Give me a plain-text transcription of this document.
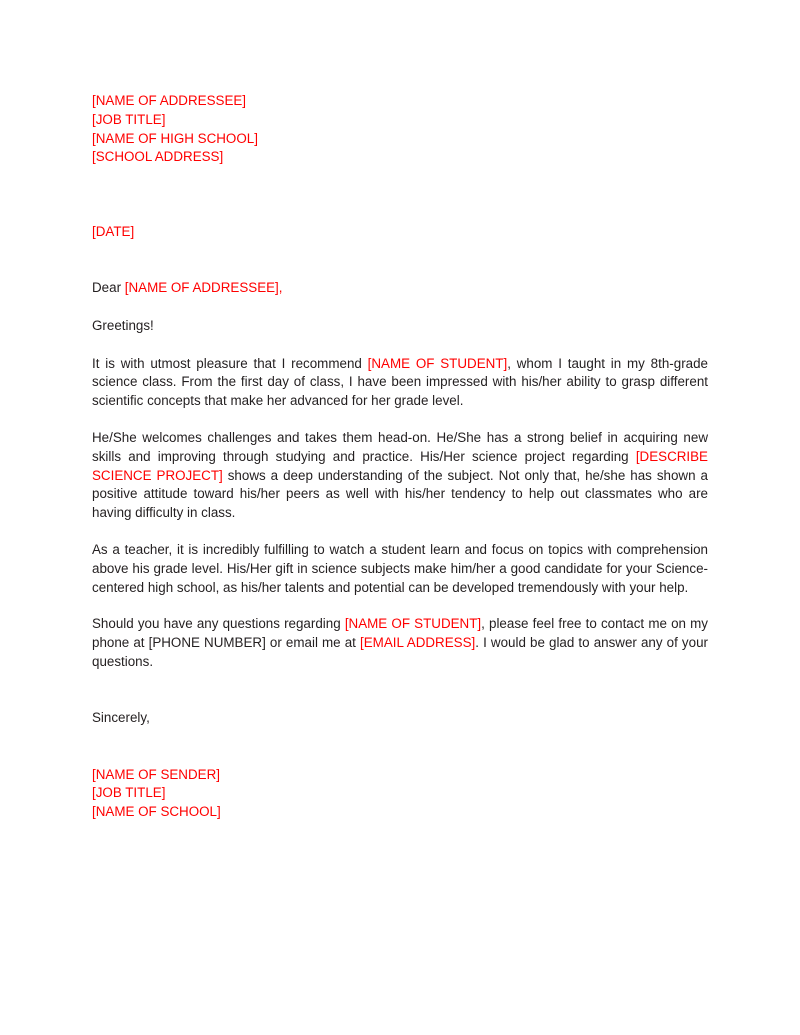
[NAME OF ADDRESSEE]
[JOB TITLE]
[NAME OF HIGH SCHOOL]
[SCHOOL ADDRESS]
[DATE]
Dear [NAME OF ADDRESSEE],
Greetings!

It is with utmost pleasure that I recommend [NAME OF STUDENT], whom I taught in my 8th-grade science class. From the first day of class, I have been impressed with his/her ability to grasp different scientific concepts that make her advanced for her grade level.

He/She welcomes challenges and takes them head-on. He/She has a strong belief in acquiring new skills and improving through studying and practice. His/Her science project regarding [DESCRIBE SCIENCE PROJECT] shows a deep understanding of the subject. Not only that, he/she has shown a positive attitude toward his/her peers as well with his/her tendency to help out classmates who are having difficulty in class.

As a teacher, it is incredibly fulfilling to watch a student learn and focus on topics with comprehension above his grade level. His/Her gift in science subjects make him/her a good candidate for your Science-centered high school, as his/her talents and potential can be developed tremendously with your help.

Should you have any questions regarding [NAME OF STUDENT], please feel free to contact me on my phone at [PHONE NUMBER] or email me at [EMAIL ADDRESS]. I would be glad to answer any of your questions.

Sincerely,
[NAME OF SENDER]
[JOB TITLE]
[NAME OF SCHOOL]
